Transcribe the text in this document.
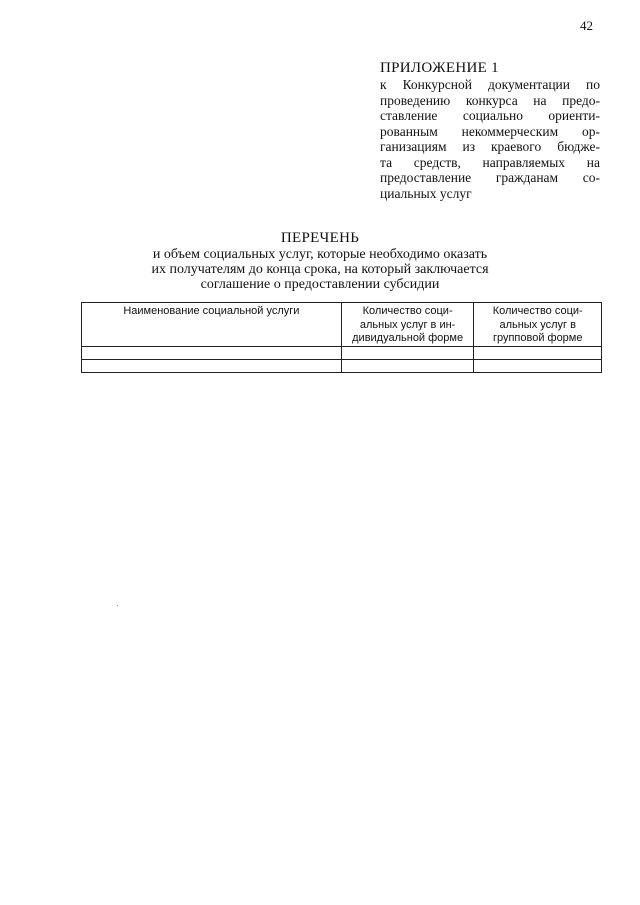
42
ПРИЛОЖЕНИЕ 1
к Конкурсной документации по
проведению конкурса на предо-
ставление социально ориенти-
рованным некоммерческим ор-
ганизациям из краевого бюдже-
та средств, направляемых на
предоставление гражданам со-
циальных услуг
ПЕРЕЧЕНЬ
и объем социальных услуг, которые необходимо оказать
их получателям до конца срока, на который заключается
соглашение о предоставлении субсидии
Наименование социальной услуги	Количество соци-
альных услуг в ин-
дивидуальной форме	Количество соци-
альных услуг в
групповой форме
